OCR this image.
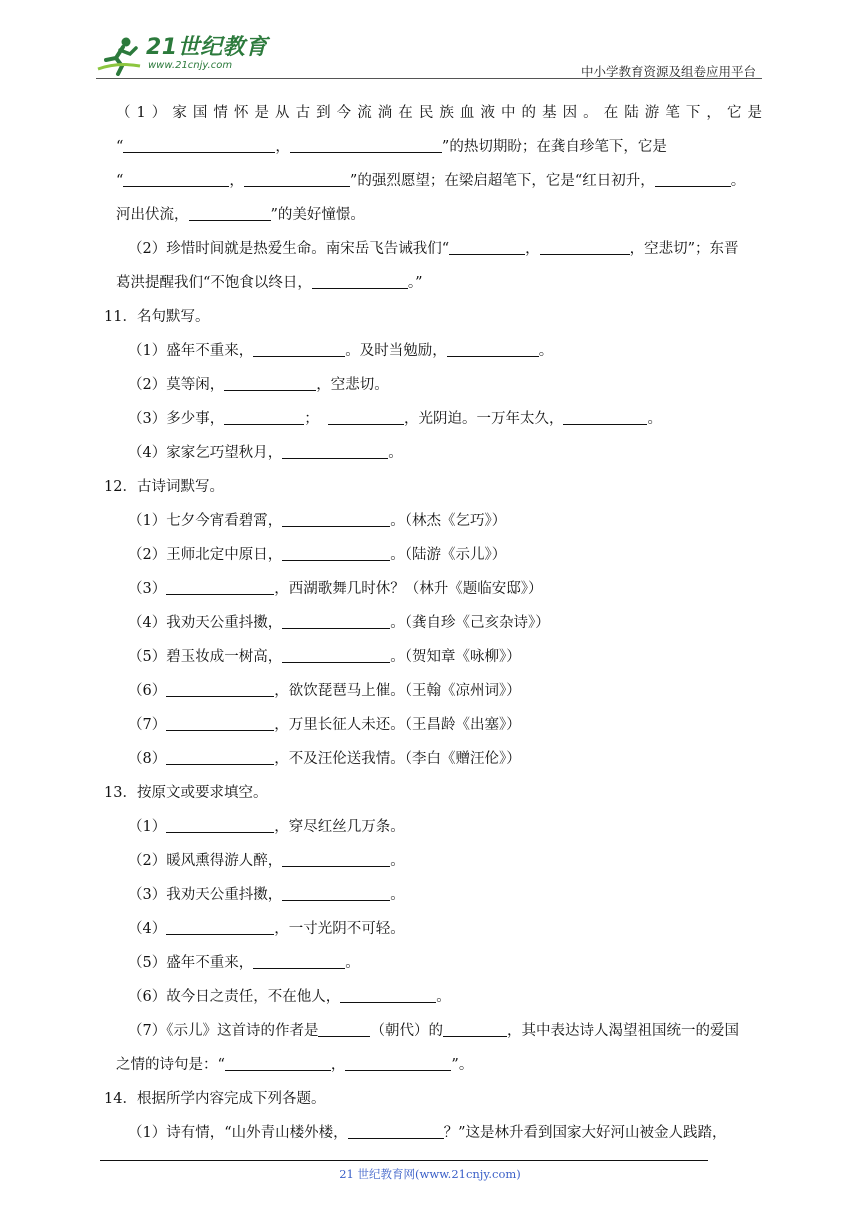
21世纪教育
www.21cnjy.com	中小学教育资源及组卷应用平台
（1）家国情怀是从古到今流淌在民族血液中的基因。在陆游笔下，它是
“	，	”的热切期盼；在龚自珍笔下，它是
“	，	”的强烈愿望；在梁启超笔下，它是“红日初升，	。
河出伏流，	”的美好憧憬。
（2）珍惜时间就是热爱生命。南宋岳飞告诫我们“	，	，空悲切”；东晋
葛洪提醒我们“不饱食以终日，	。”
11．名句默写。
（1）盛年不重来，	。及时当勉励，	。
（2）莫等闲，	，空悲切。
（3）多少事，	；	，光阴迫。一万年太久，	。
（4）家家乞巧望秋月，	。
12．古诗词默写。
（1）七夕今宵看碧霄，	。（林杰《乞巧》）
（2）王师北定中原日，	。（陆游《示儿》）
（3）	，西湖歌舞几时休？（林升《题临安邸》）
（4）我劝天公重抖擞，	。（龚自珍《己亥杂诗》）
（5）碧玉妆成一树高，	。（贺知章《咏柳》）
（6）	，欲饮琵琶马上催。（王翰《凉州词》）
（7）	，万里长征人未还。（王昌龄《出塞》）
（8）	，不及汪伦送我情。（李白《赠汪伦》）
13．按原文或要求填空。
（1）	，穿尽红丝几万条。
（2）暖风熏得游人醉，	。
（3）我劝天公重抖擞，	。
（4）	，一寸光阴不可轻。
（5）盛年不重来，	。
（6）故今日之责任，不在他人，	。
（7）《示儿》这首诗的作者是	（朝代）的	，其中表达诗人渴望祖国统一的爱国
之情的诗句是：“	，	”。
14．根据所学内容完成下列各题。
（1）诗有情，“山外青山楼外楼，	？”这是林升看到国家大好河山被金人践踏，
21 世纪教育网(www.21cnjy.com)
